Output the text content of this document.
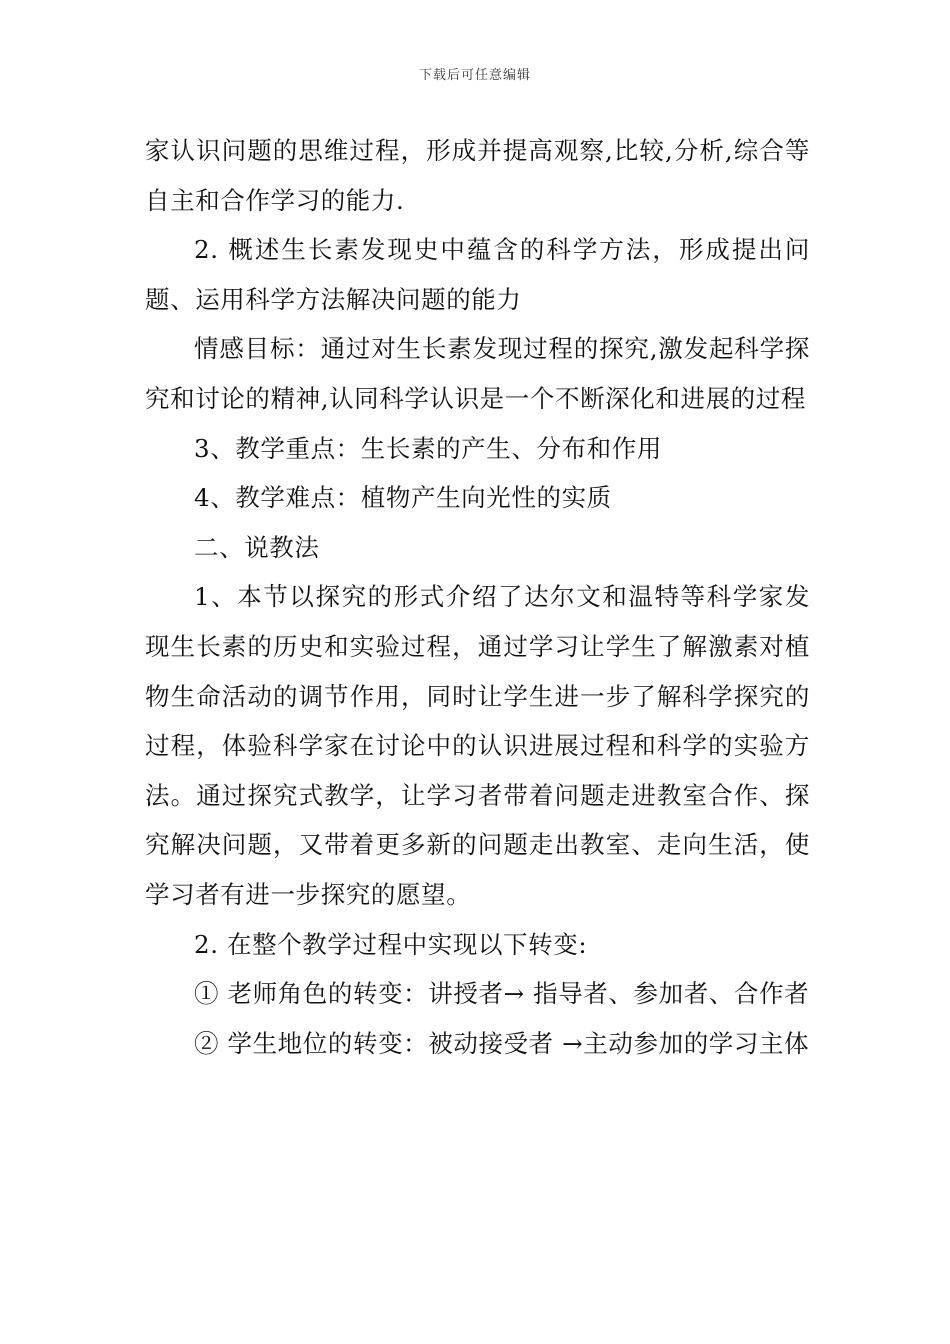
下载后可任意编辑

家认识问题的思维过程，形成并提高观察,比较,分析,综合等自主和合作学习的能力.

2. 概述生长素发现史中蕴含的科学方法，形成提出问题、运用科学方法解决问题的能力

情感目标：通过对生长素发现过程的探究,激发起科学探究和讨论的精神,认同科学认识是一个不断深化和进展的过程

3、教学重点：生长素的产生、分布和作用

4、教学难点：植物产生向光性的实质

二、说教法

1、本节以探究的形式介绍了达尔文和温特等科学家发现生长素的历史和实验过程，通过学习让学生了解激素对植物生命活动的调节作用，同时让学生进一步了解科学探究的过程，体验科学家在讨论中的认识进展过程和科学的实验方法。通过探究式教学，让学习者带着问题走进教室合作、探究解决问题，又带着更多新的问题走出教室、走向生活，使学习者有进一步探究的愿望。

2. 在整个教学过程中实现以下转变:

① 老师角色的转变：讲授者→ 指导者、参加者、合作者

② 学生地位的转变：被动接受者 →主动参加的学习主体
